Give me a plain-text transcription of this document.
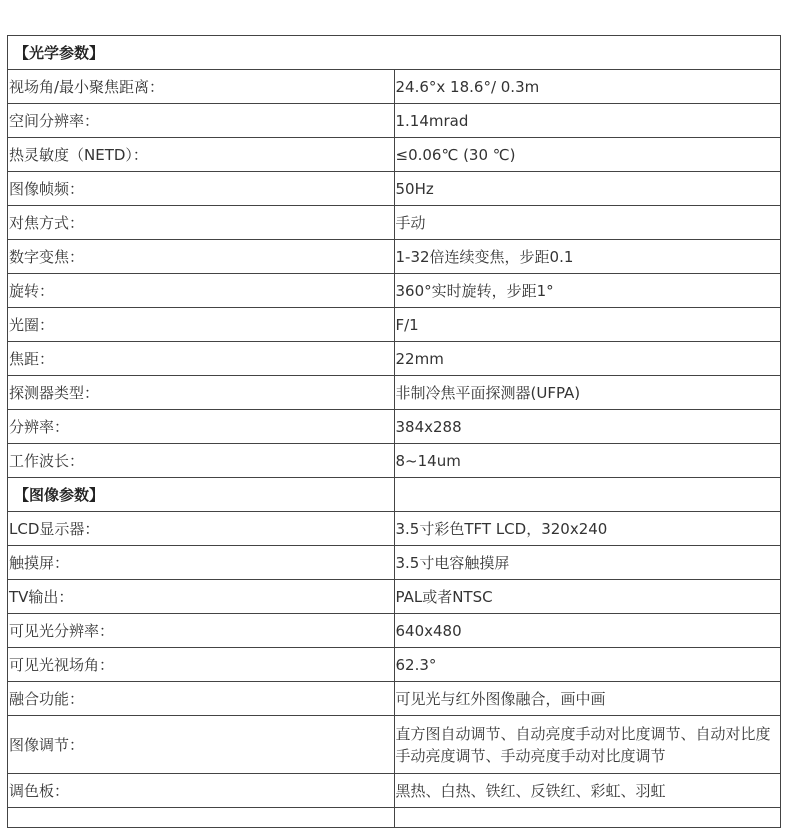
【光学参数】	
视场角/最小聚焦距离：	24.6°x 18.6°/ 0.3m
空间分辨率：	1.14mrad
热灵敏度（NETD）：	≤0.06℃ (30 ℃)
图像帧频：	50Hz
对焦方式：	手动
数字变焦：	1-32倍连续变焦，步距0.1
旋转：	360°实时旋转，步距1°
光圈：	F/1
焦距：	22mm
探测器类型：	非制冷焦平面探测器(UFPA)
分辨率：	384x288
工作波长：	8~14um
【图像参数】	
LCD显示器：	3.5寸彩色TFT LCD，320x240
触摸屏：	3.5寸电容触摸屏
TV输出：	PAL或者NTSC
可见光分辨率：	640x480
可见光视场角：	62.3°
融合功能：	可见光与红外图像融合，画中画
图像调节：	直方图自动调节、自动亮度手动对比度调节、自动对比度手动亮度调节、手动亮度手动对比度调节
调色板：	黑热、白热、铁红、反铁红、彩虹、羽虹
